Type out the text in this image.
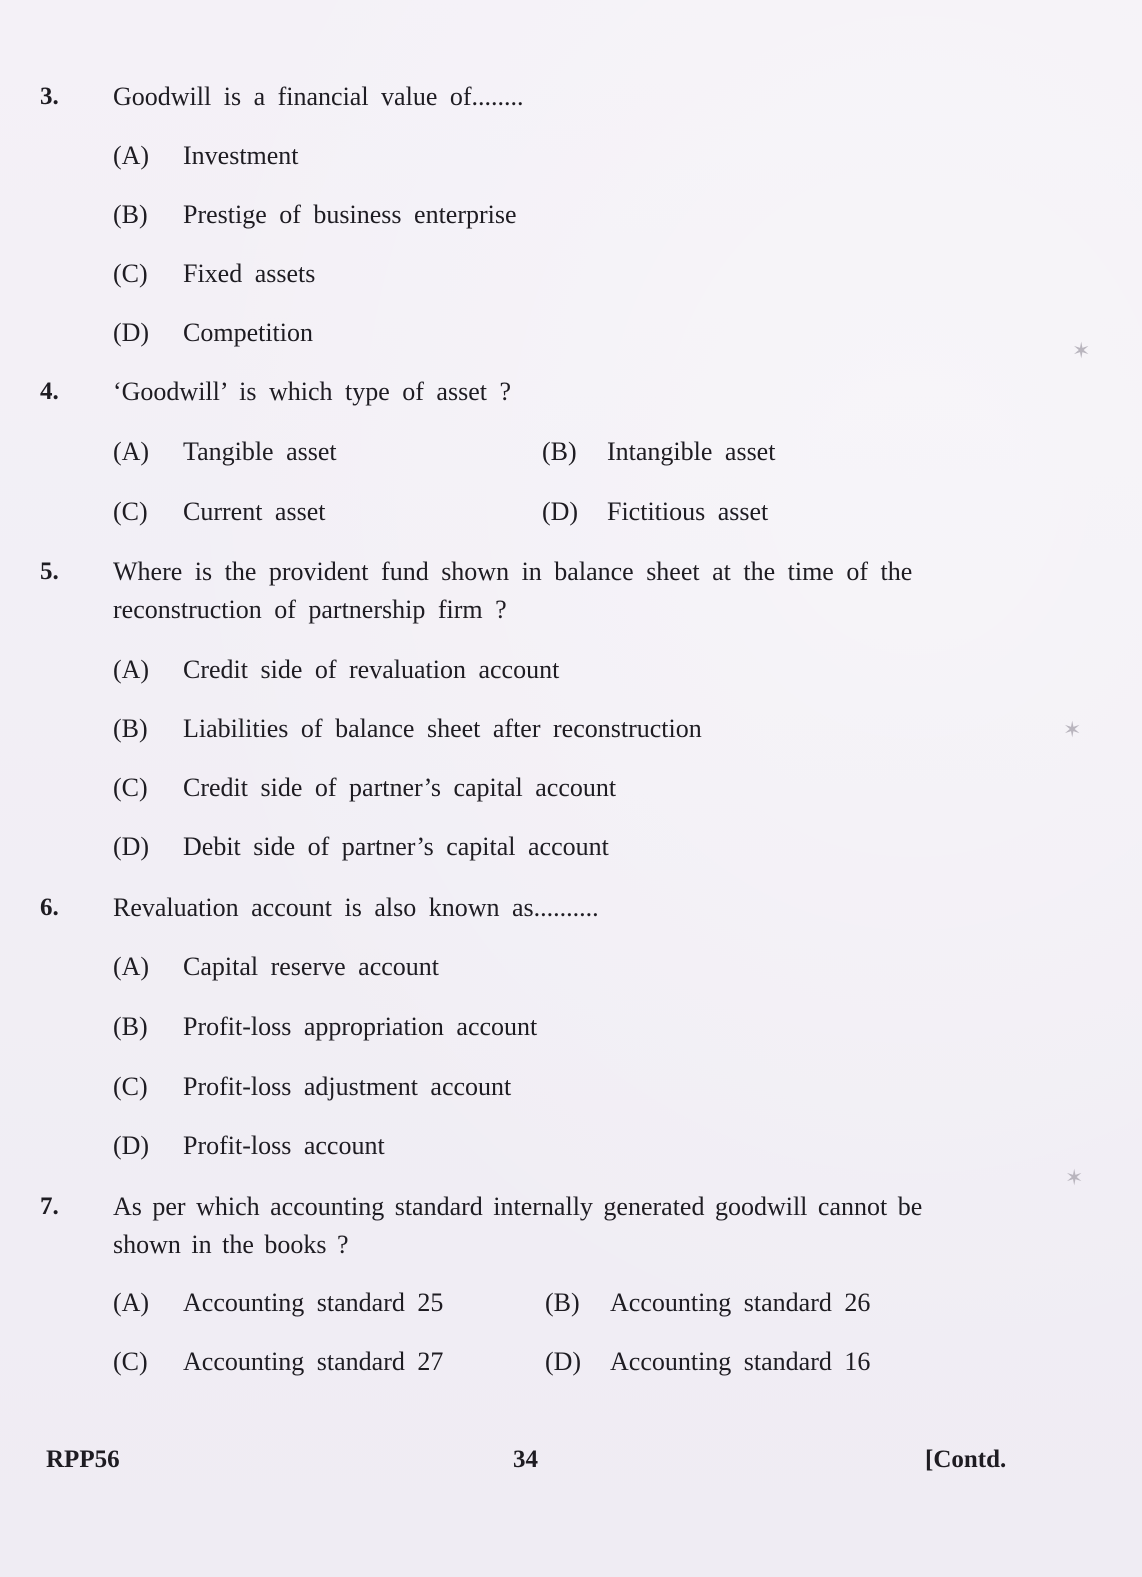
3. Goodwill is a financial value of........
(A) Investment
(B) Prestige of business enterprise
(C) Fixed assets
(D) Competition
4. ‘Goodwill’ is which type of asset ?
(A) Tangible asset	(B) Intangible asset
(C) Current asset	(D) Fictitious asset
5. Where is the provident fund shown in balance sheet at the time of the reconstruction of partnership firm ?
(A) Credit side of revaluation account
(B) Liabilities of balance sheet after reconstruction
(C) Credit side of partner’s capital account
(D) Debit side of partner’s capital account
6. Revaluation account is also known as..........
(A) Capital reserve account
(B) Profit-loss appropriation account
(C) Profit-loss adjustment account
(D) Profit-loss account
7. As per which accounting standard internally generated goodwill cannot be shown in the books ?
(A) Accounting standard 25	(B) Accounting standard 26
(C) Accounting standard 27	(D) Accounting standard 16
RPP56	34	[Contd.
✶
✶
✶
